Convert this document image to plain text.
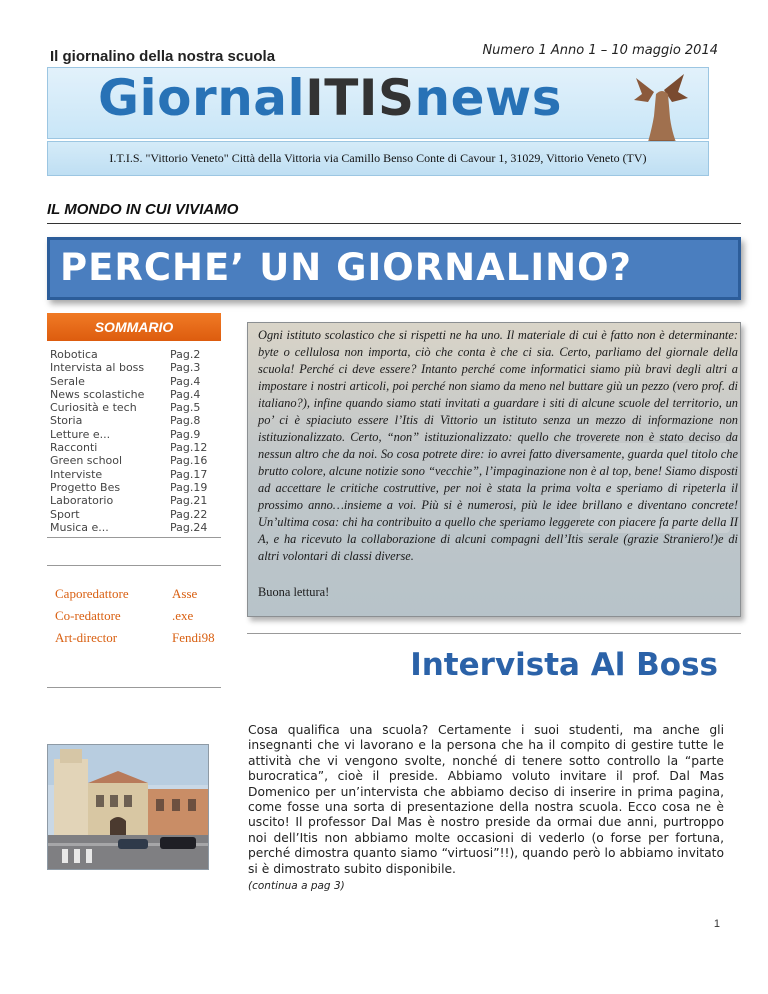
Il giornalino della nostra scuola	Numero 1 Anno 1 – 10 maggio 2014
GiornalITISnews
I.T.I.S. "Vittorio Veneto" Città della Vittoria via Camillo Benso Conte di Cavour 1, 31029, Vittorio Veneto (TV)
IL MONDO IN CUI VIVIAMO
PERCHE’ UN GIORNALINO?
SOMMARIO
Robotica	Pag.2
Intervista al boss	Pag.3
Serale	Pag.4
News scolastiche	Pag.4
Curiosità e tech	Pag.5
Storia	Pag.8
Letture e...	Pag.9
Racconti	Pag.12
Green school	Pag.16
Interviste	Pag.17
Progetto Bes	Pag.19
Laboratorio	Pag.21
Sport	Pag.22
Musica e...	Pag.24
Caporedattore	Asse
Co-redattore	.exe
Art-director	Fendi98
Ogni istituto scolastico che si rispetti ne ha uno. Il materiale di cui è fatto non è determinante: byte o cellulosa non importa, ciò che conta è che ci sia. Certo, parliamo del giornale della scuola! Perché ci deve essere? Intanto perché come informatici siamo più bravi degli altri a impostare i nostri articoli, poi perché non siamo da meno nel buttare giù un pezzo (vero prof. di italiano?), infine quando siamo stati invitati a guardare i siti di alcune scuole del territorio, un po’ ci è spiaciuto essere l’Itis di Vittorio un istituto senza un mezzo di informazione non istituzionalizzato. Certo, “non” istituzionalizzato: quello che troverete non è stato deciso da nessun altro che da noi. So cosa potrete dire: io avrei fatto diversamente, guarda quel titolo che brutto colore, alcune notizie sono “vecchie”, l’impaginazione non è al top, bene! Siamo disposti ad accettare le critiche costruttive, per noi è stata la prima volta e speriamo di ripeterla il prossimo anno…insieme a voi. Più si è numerosi, più le idee brillano e diventano concrete! Un’ultima cosa: chi ha contribuito a quello che speriamo leggerete con piacere fa parte della II A, e ha ricevuto la collaborazione di alcuni compagni dell’Itis serale (grazie Straniero!)e di altri volontari di classi diverse.
Buona lettura!
Intervista Al Boss
Cosa qualifica una scuola? Certamente i suoi studenti, ma anche gli insegnanti che vi lavorano e la persona che ha il compito di gestire tutte le attività che vi vengono svolte, nonché di tenere sotto controllo la “parte burocratica”, cioè il preside. Abbiamo voluto invitare il prof. Dal Mas Domenico per un’intervista che abbiamo deciso di inserire in prima pagina, come fosse una sorta di presentazione della nostra scuola. Ecco cosa ne è uscito! Il professor Dal Mas è nostro preside da ormai due anni, purtroppo noi dell’Itis non abbiamo molte occasioni di vederlo (o forse per fortuna, perché dimostra quanto siamo “virtuosi”!!), quando però lo abbiamo invitato si è dimostrato subito disponibile.
(continua a pag 3)
1
